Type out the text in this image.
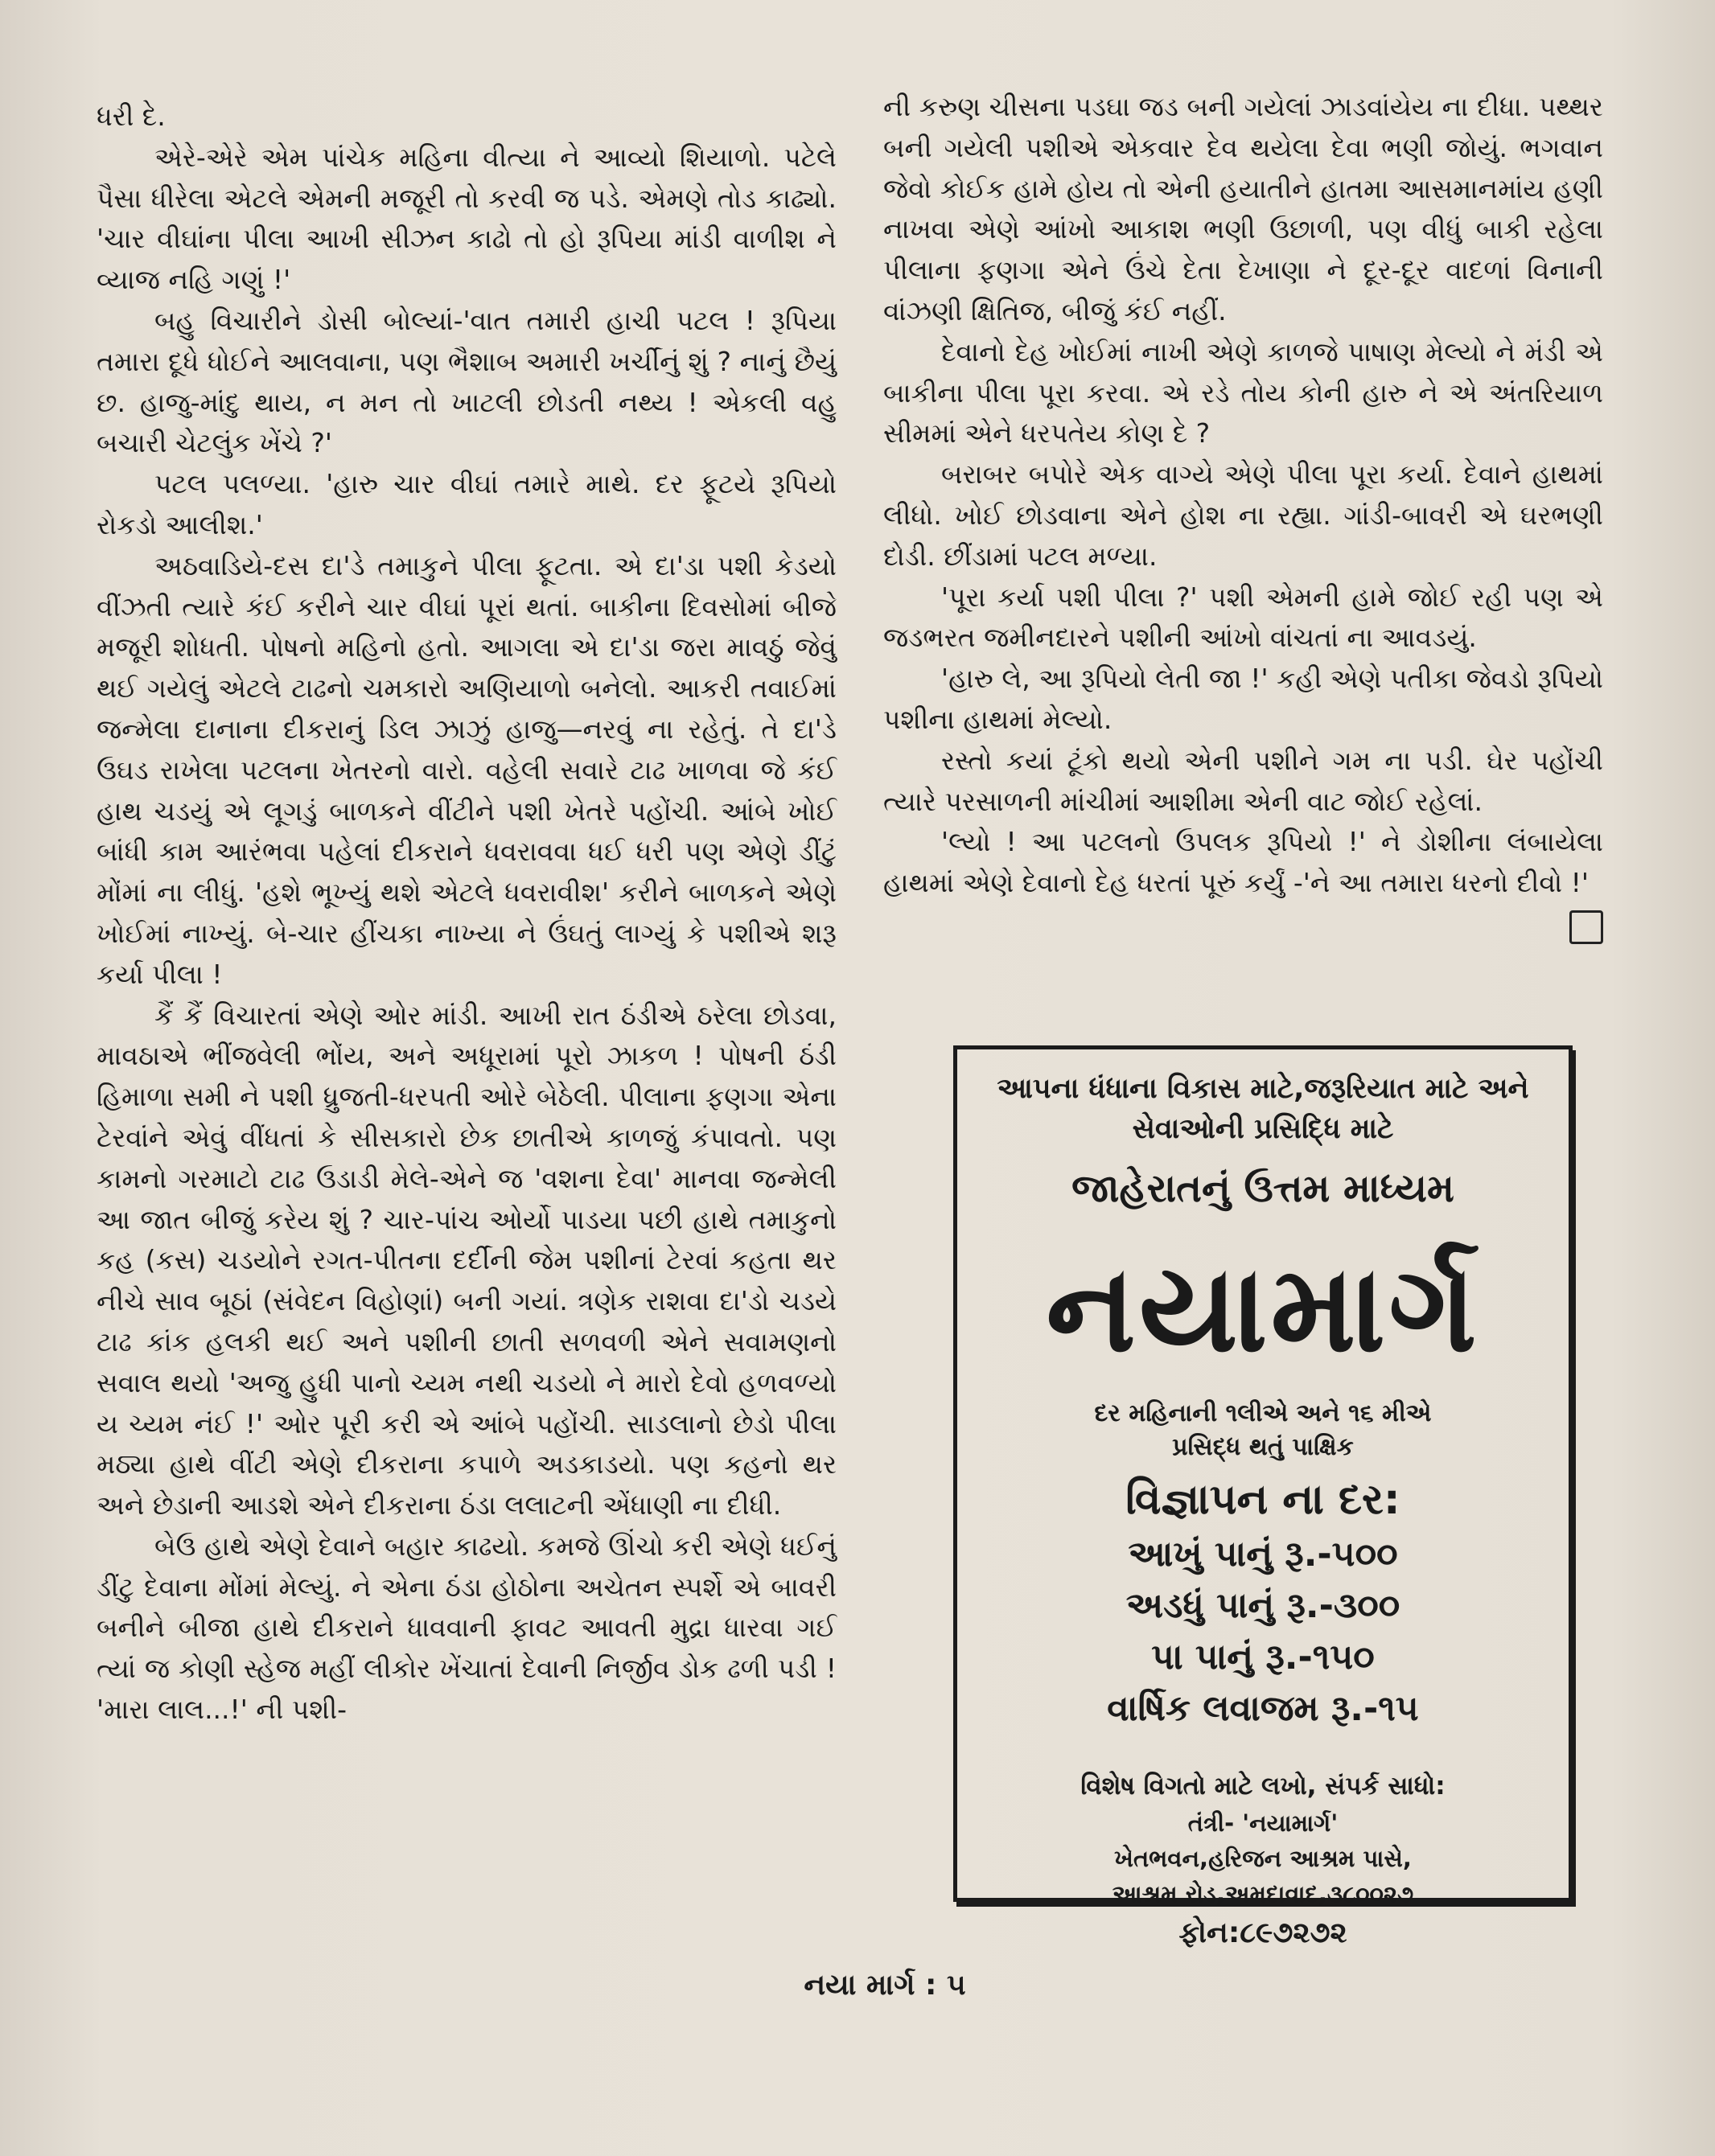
ધરી દે.

એરે-એરે એમ પાંચેક મહિના વીત્યા ને આવ્યો શિયાળો. પટેલે પૈસા ધીરેલા એટલે એમની મજૂરી તો કરવી જ પડે. એમણે તોડ કાઢ્યો. 'ચાર વીઘાંના પીલા આખી સીઝન કાઢો તો હો રૂપિયા માંડી વાળીશ ને વ્યાજ નહિ ગણું !'

બહુ વિચારીને ડોસી બોલ્યાં-'વાત તમારી હાચી પટલ ! રૂપિયા તમારા દૂધે ધોઈને આલવાના, પણ ભૈશાબ અમારી ખર્ચીનું શું ? નાનું છૈયું છ. હાજુ-માંદુ થાય, ન મન તો ખાટલી છોડતી નથ્ય ! એકલી વહુ બચારી ચેટલુંક ખેંચે ?'

પટલ પલળ્યા. 'હારુ ચાર વીઘાં તમારે માથે. દર ફૂટયે રૂપિયો રોકડો આલીશ.'

અઠવાડિયે-દસ દા'ડે તમાકુને પીલા ફૂટતા. એ દા'ડા પશી કેડયો વીંઝતી ત્યારે કંઈ કરીને ચાર વીઘાં પૂરાં થતાં. બાકીના દિવસોમાં બીજે મજૂરી શોધતી. પોષનો મહિનો હતો. આગલા એ દા'ડા જરા માવઠું જેવું થઈ ગયેલું એટલે ટાઢનો ચમકારો અણિયાળો બનેલો. આકરી તવાઈમાં જન્મેલા દાનાના દીકરાનું ડિલ ઝાઝું હાજુ—નરવું ના રહેતું. તે દા'ડે ઉઘડ રાખેલા પટલના ખેતરનો વારો. વહેલી સવારે ટાઢ ખાળવા જે કંઈ હાથ ચડયું એ લૂગડું બાળકને વીંટીને પશી ખેતરે પહોંચી. આંબે ખોઈ બાંધી કામ આરંભવા પહેલાં દીકરાને ધવરાવવા ધઈ ધરી પણ એણે ડીંટું મોંમાં ના લીધું. 'હશે ભૂખ્યું થશે એટલે ધવરાવીશ' કરીને બાળકને એણે ખોઈમાં નાખ્યું. બે-ચાર હીંચકા નાખ્યા ને ઉંઘતું લાગ્યું કે પશીએ શરૂ કર્યા પીલા !

કૈં કૈં વિચારતાં એણે ઓર માંડી. આખી રાત ઠંડીએ ઠરેલા છોડવા, માવઠાએ ભીંજવેલી ભોંય, અને અધૂરામાં પૂરો ઝાકળ ! પોષની ઠંડી હિમાળા સમી ને પશી ધ્રુજતી-ધરપતી ઓરે બેઠેલી. પીલાના ફણગા એના ટેરવાંને એવું વીંધતાં કે સીસકારો છેક છાતીએ કાળજું કંપાવતો. પણ કામનો ગરમાટો ટાઢ ઉડાડી મેલે-એને જ 'વશના દેવા' માનવા જન્મેલી આ જાત બીજું કરેય શું ? ચાર-પાંચ ઓર્યો પાડયા પછી હાથે તમાકુનો કહ (કસ) ચડયોને રગત-પીતના દર્દીની જેમ પશીનાં ટેરવાં કહતા થર નીચે સાવ બૂઠાં (સંવેદન વિહોણાં) બની ગયાં. ત્રણેક રાશવા દા'ડો ચડયે ટાઢ કાંક હલકી થઈ અને પશીની છાતી સળવળી એને સવામણનો સવાલ થયો 'અજુ હુધી પાનો ચ્યમ નથી ચડયો ને મારો દેવો હળવળ્યો ય ચ્યમ નંઈ !' ઓર પૂરી કરી એ આંબે પહોંચી. સાડલાનો છેડો પીલા મઠ્યા હાથે વીંટી એણે દીકરાના કપાળે અડકાડયો. પણ કહનો થર અને છેડાની આડશે એને દીકરાના ઠંડા લલાટની એંધાણી ના દીધી.

બેઉ હાથે એણે દેવાને બહાર કાઢયો. કમજે ઊંચો કરી એણે ધઈનું ડીંટુ દેવાના મોંમાં મેલ્યું. ને એના ઠંડા હોઠોના અચેતન સ્પર્શે એ બાવરી બનીને બીજા હાથે દીકરાને ધાવવાની ફાવટ આવતી મુદ્રા ધારવા ગઈ ત્યાં જ કોણી સ્હેજ મહીં લીકોર ખેંચાતાં દેવાની નિર્જીવ ડોક ઢળી પડી ! 'મારા લાલ...!' ની પશી-

ની કરુણ ચીસના પડઘા જડ બની ગયેલાં ઝાડવાંયેય ના દીધા. પથ્થર બની ગયેલી પશીએ એકવાર દેવ થયેલા દેવા ભણી જોયું. ભગવાન જેવો કોઈક હામે હોય તો એની હયાતીને હાતમા આસમાનમાંય હણી નાખવા એણે આંખો આકાશ ભણી ઉછાળી, પણ વીધું બાકી રહેલા પીલાના ફણગા એને ઉંચે દેતા દેખાણા ને દૂર-દૂર વાદળાં વિનાની વાંઝણી ક્ષિતિજ, બીજું કંઈ નહીં.

દેવાનો દેહ ખોઈમાં નાખી એણે કાળજે પાષાણ મેલ્યો ને મંડી એ બાકીના પીલા પૂરા કરવા. એ રડે તોય કોની હારુ ને એ અંતરિયાળ સીમમાં એને ધરપતેય કોણ દે ?

બરાબર બપોરે એક વાગ્યે એણે પીલા પૂરા કર્યા. દેવાને હાથમાં લીધો. ખોઈ છોડવાના એને હોશ ના રહ્યા. ગાંડી-બાવરી એ ઘરભણી દોડી. છીંડામાં પટલ મળ્યા.

'પૂરા કર્યા પશી પીલા ?' પશી એમની હામે જોઈ રહી પણ એ જડભરત જમીનદારને પશીની આંખો વાંચતાં ના આવડયું.

'હારુ લે, આ રૂપિયો લેતી જા !' કહી એણે પતીકા જેવડો રૂપિયો પશીના હાથમાં મેલ્યો.

રસ્તો કયાં ટૂંકો થયો એની પશીને ગમ ના પડી. ઘેર પહોંચી ત્યારે પરસાળની માંચીમાં આશીમા એની વાટ જોઈ રહેલાં.

'લ્યો ! આ પટલનો ઉપલક રૂપિયો !' ને ડોશીના લંબાયેલા હાથમાં એણે દેવાનો દેહ ધરતાં પૂરું કર્યું -'ને આ તમારા ધરનો દીવો !'

આપના ધંધાના વિકાસ માટે,જરૂરિયાત માટે અને
સેવાઓની પ્રસિદ્ધિ માટે
જાહેરાતનું ઉત્તમ માધ્યમ
નયામાર્ગ
દર મહિનાની ૧લીએ અને ૧૬ મીએ
પ્રસિદ્ધ થતું પાક્ષિક
વિજ્ઞાપન ના દર:
આખું પાનું રૂ.-૫૦૦
અડધું પાનું રૂ.-૩૦૦
પા પાનું રૂ.-૧૫૦
વાર્ષિક લવાજમ રૂ.-૧૫
વિશેષ વિગતો માટે લખો, સંપર્ક સાધો:
તંત્રી- 'નયામાર્ગ'
ખેતભવન,હરિજન આશ્રમ પાસે,
આશ્રમ રોડ,અમદાવાદ,૩૮૦૦૨૭
ફોન:૮૯૭૨૭૨
નયા માર્ગ : ૫
